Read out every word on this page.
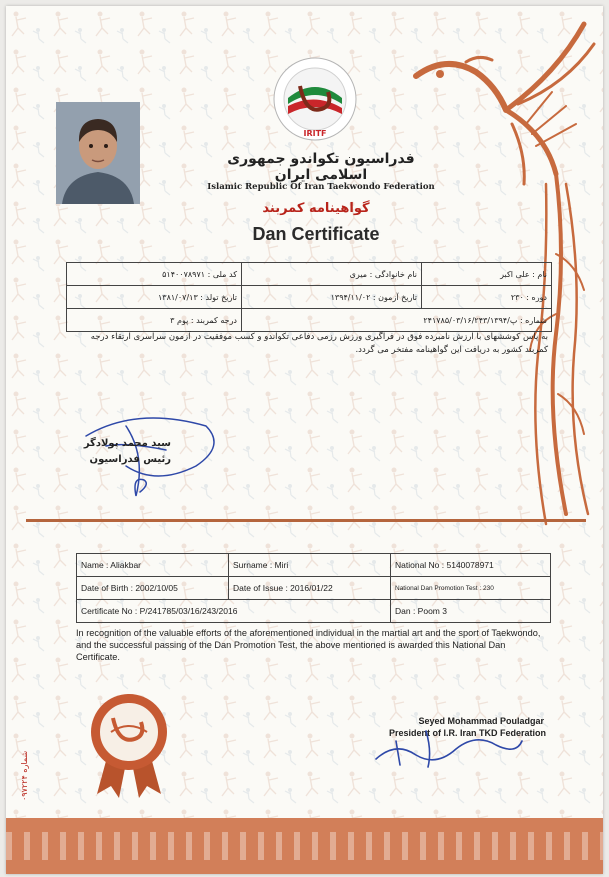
IRITF
فدراسیون تکواندو جمهوری اسلامی ایران
Islamic Republic Of Iran Taekwondo Federation
گواهینامه کمربند
Dan Certificate
نام : علی اکبر	نام خانوادگی : میری	کد ملی : ۵۱۴۰۰۷۸۹۷۱
دوره : ۲۳۰	تاریخ آزمون : ۱۳۹۴/۱۱/۰۲	تاریخ تولد : ۱۳۸۱/۰۷/۱۳
شماره : پ/۲۴۱۷۸۵/۰۳/۱۶/۲۴۳/۱۳۹۴		درجه کمربند : پوم ۳
به پاس کوششهای با ارزش نامبرده فوق در فراگیری ورزش رزمی دفاعی تکواندو و کسب موفقیت در آزمون سراسری ارتقاء درجه کمربند کشور به دریافت این گواهینامه مفتخر می گردد.
سید محمد پولادگر
رئیس فدراسیون
Name : Aliakbar	Surname : Miri	National No : 5140078971
Date of Birth : 2002/10/05	Date of Issue : 2016/01/22	National Dan Promotion Test : 230
Certificate No : P/241785/03/16/243/2016		Dan : Poom 3
In recognition of the valuable efforts of the aforementioned individual in the martial art and the sport of Taekwondo, and the successful passing of the Dan Promotion Test, the above mentioned is awarded this National Dan Certificate.
Seyed Mohammad Pouladgar
President of I.R. Iran TKD Federation
شماره ۰۹۷۲۲۴
